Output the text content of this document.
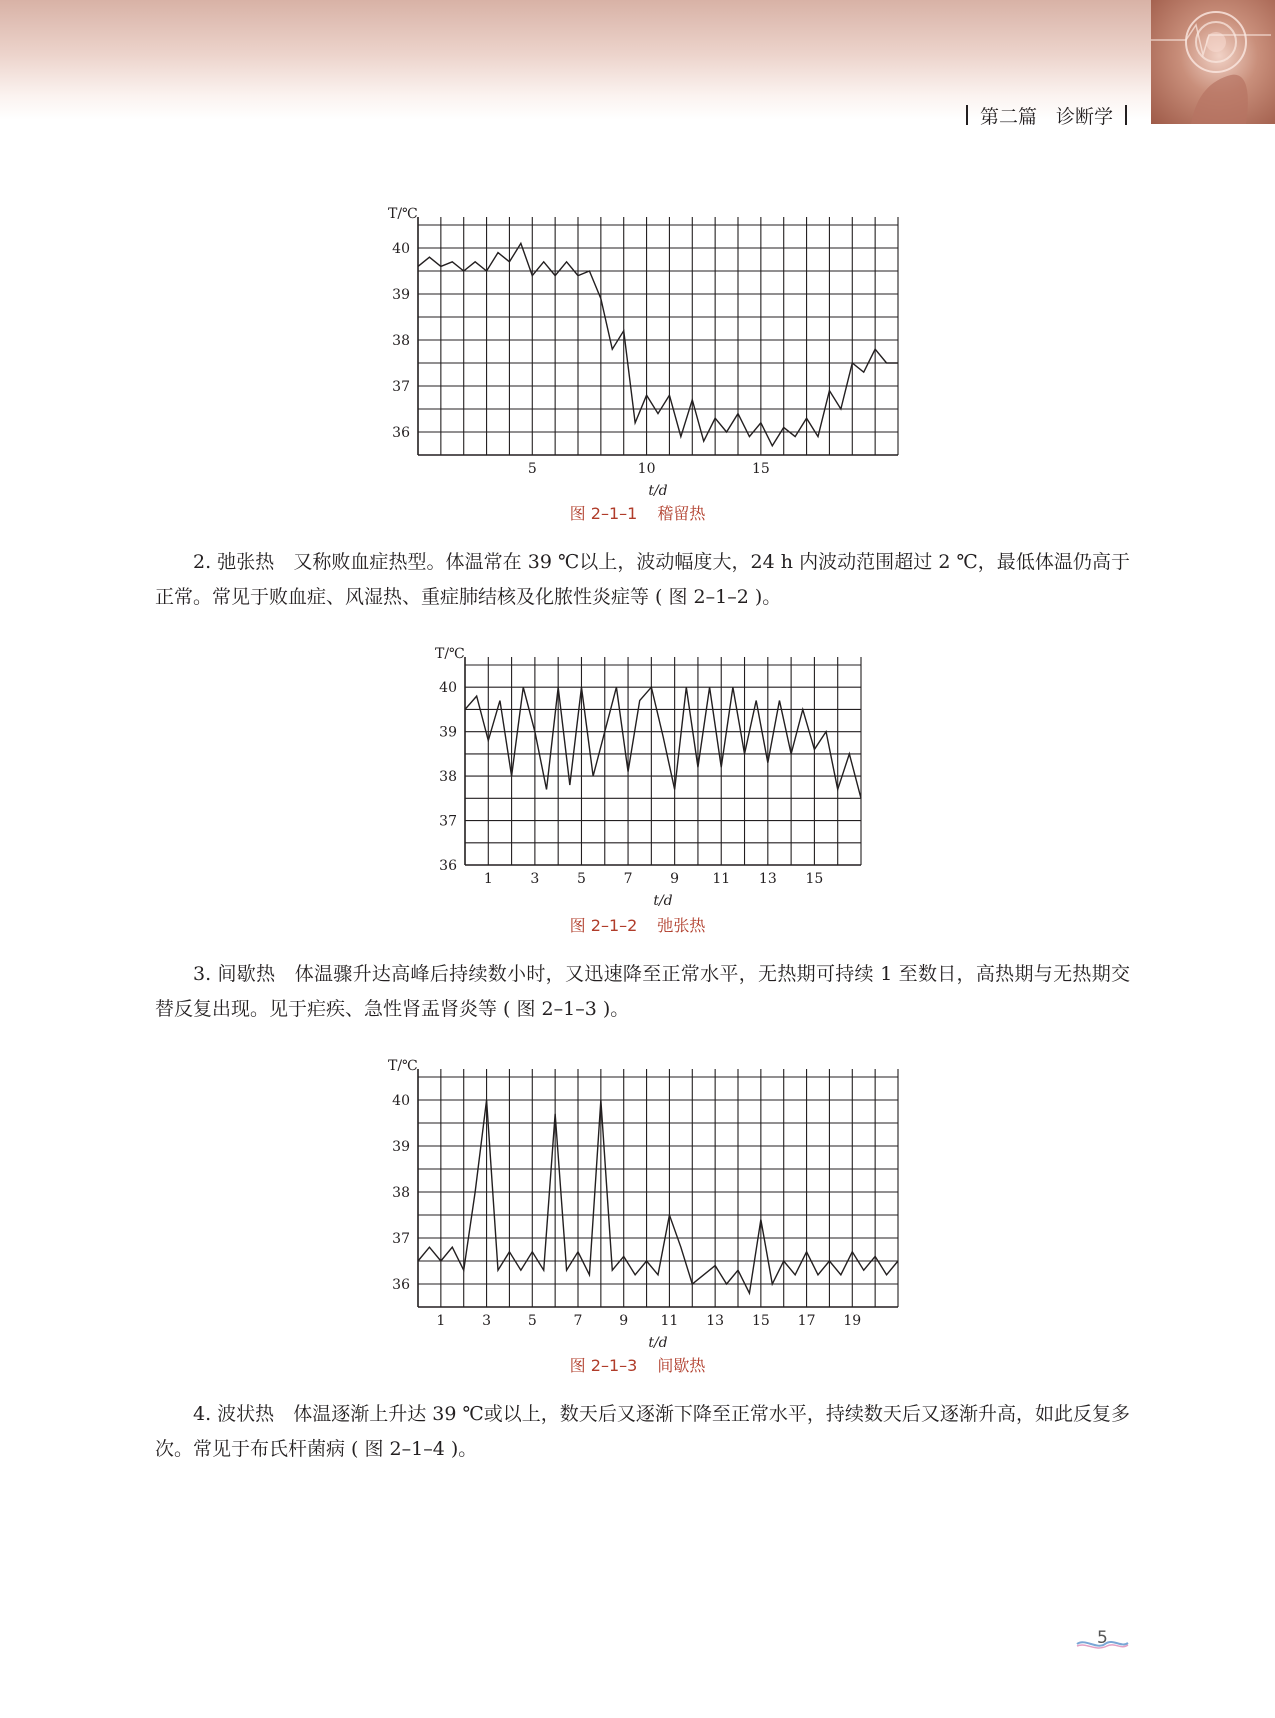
第二篇　诊断学
T/℃
40
39
38
37
36
5	10	15
t/d
图 2–1–1 稽留热

2. 弛张热　又称败血症热型。体温常在 39 ℃以上，波动幅度大，24 h 内波动范围超过 2 ℃，最低体温仍高于正常。常见于败血症、风湿热、重症肺结核及化脓性炎症等 ( 图 2–1–2 )。

T/℃
40
39
38
37
36
1	3	5	7	9 11 13 15
t/d
图 2–1–2 弛张热

3. 间歇热　体温骤升达高峰后持续数小时，又迅速降至正常水平，无热期可持续 1 至数日，高热期与无热期交替反复出现。见于疟疾、急性肾盂肾炎等 ( 图 2–1–3 )。

T/℃
40
39
38
37
36
1	3	5	7	9 11 13 15 17 19
t/d
图 2–1–3 间歇热

4. 波状热　体温逐渐上升达 39 ℃或以上，数天后又逐渐下降至正常水平，持续数天后又逐渐升高，如此反复多次。常见于布氏杆菌病 ( 图 2–1–4 )。

5
